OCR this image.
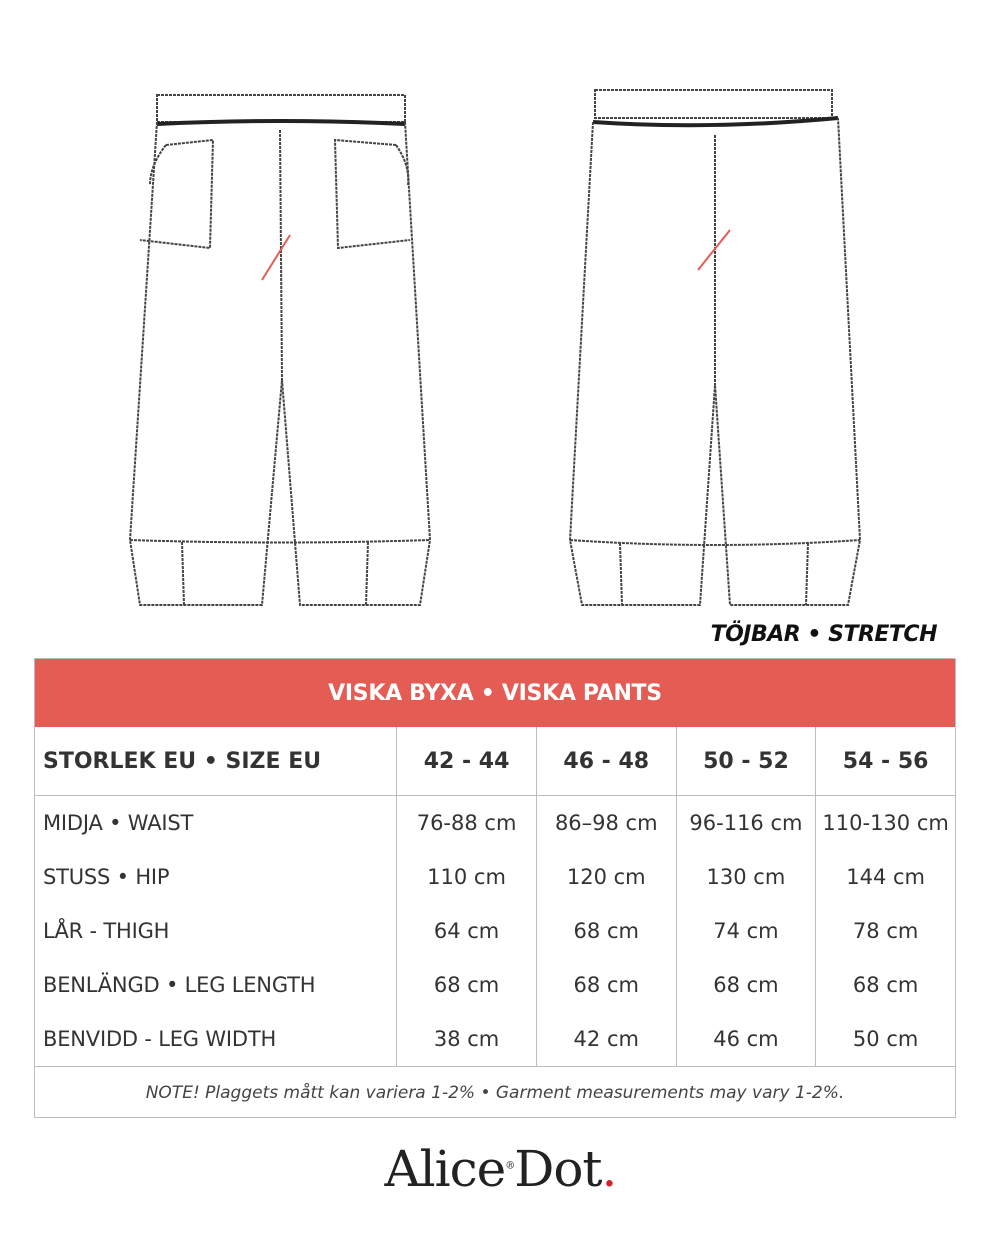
TÖJBAR • STRETCH
VISKA BYXA • VISKA PANTS
STORLEK EU • SIZE EU	42 - 44	46 - 48	50 - 52	54 - 56
MIDJA • WAIST	76-88 cm	86–98 cm	96-116 cm 110-130 cm
STUSS • HIP	110 cm	120 cm	130 cm	144 cm
LÅR - THIGH	64 cm	68 cm	74 cm	78 cm
BENLÄNGD • LEG LENGTH	68 cm	68 cm	68 cm	68 cm
BENVIDD - LEG WIDTH	38 cm	42 cm	46 cm	50 cm
NOTE! Plaggets mått kan variera 1-2% • Garment measurements may vary 1-2%.
Alice®Dot.
